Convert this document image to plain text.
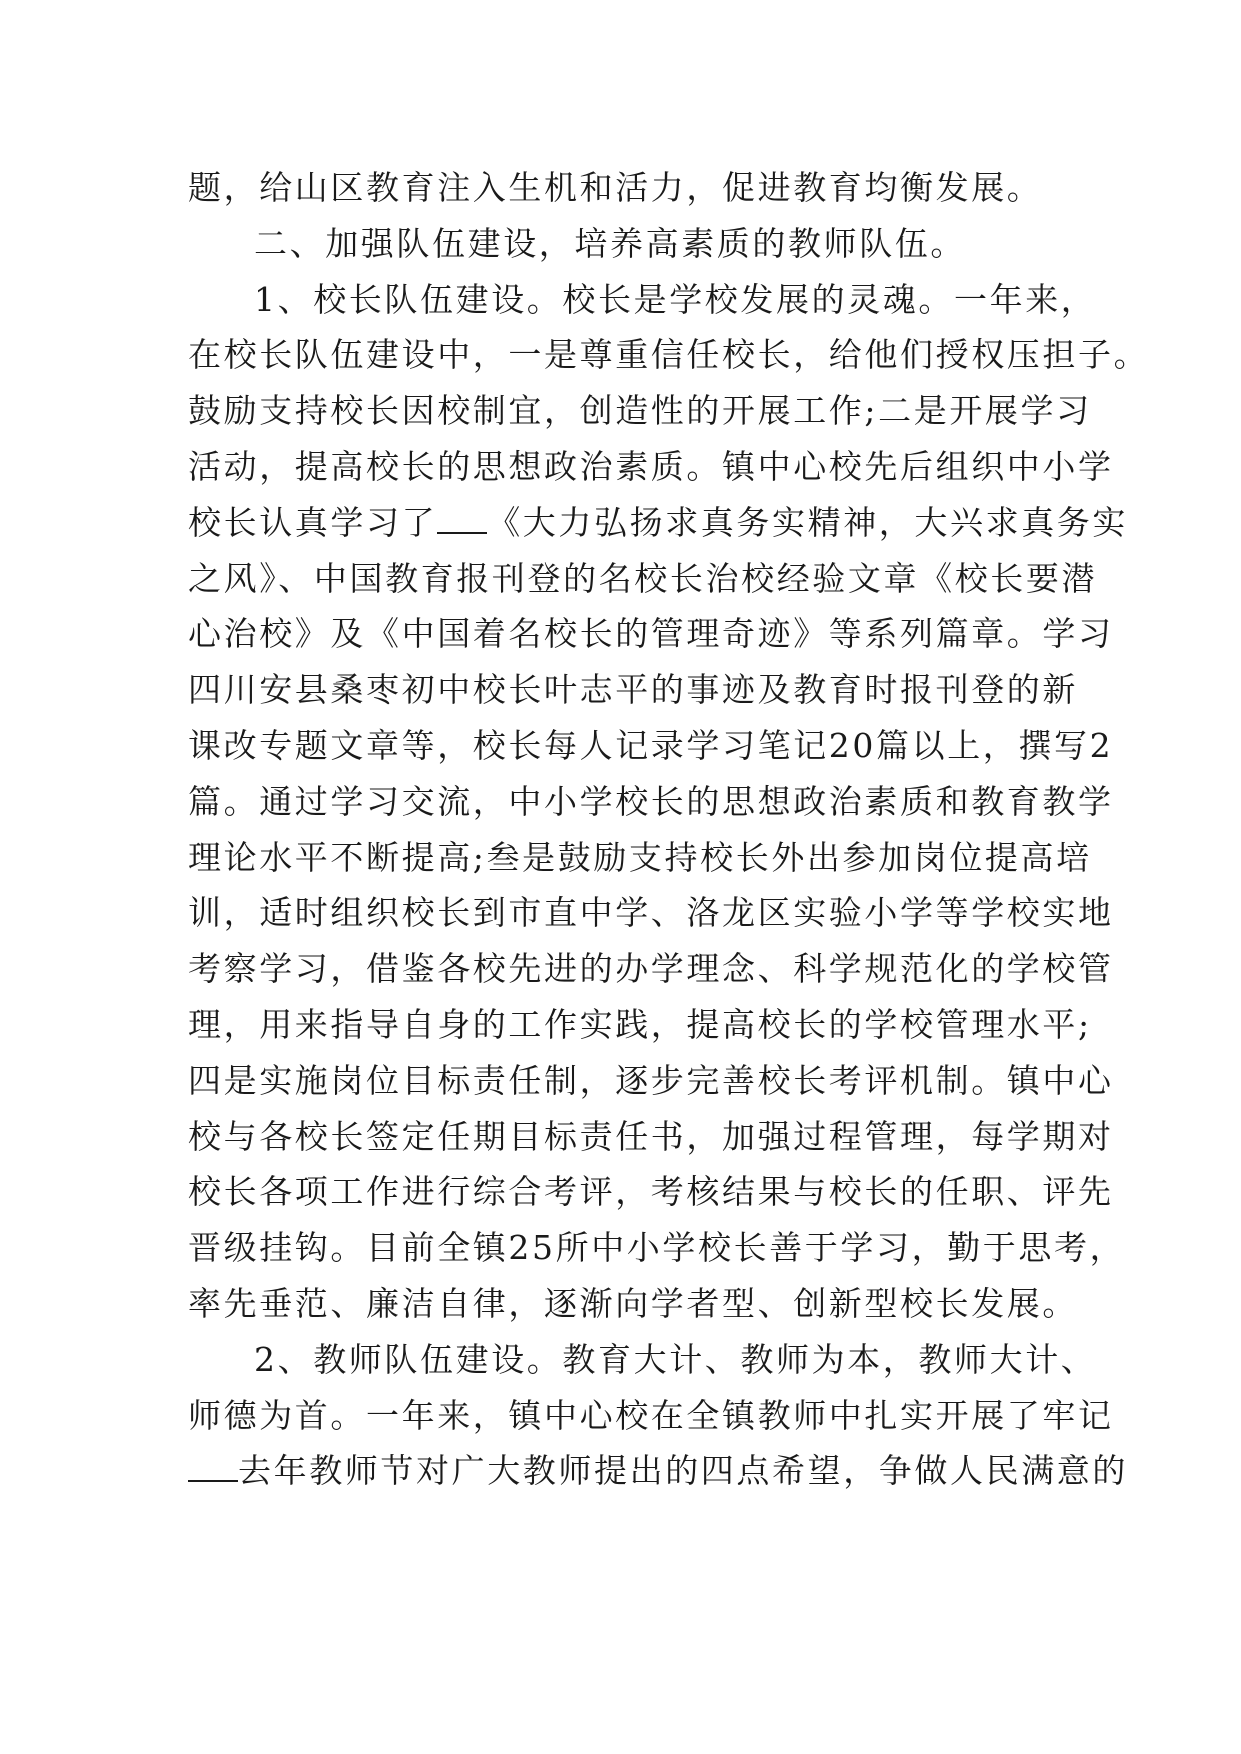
题，给山区教育注入生机和活力，促进教育均衡发展。
二、加强队伍建设，培养高素质的教师队伍。
1、校长队伍建设。校长是学校发展的灵魂。一年来，
在校长队伍建设中，一是尊重信任校长，给他们授权压担子。
鼓励支持校长因校制宜，创造性的开展工作;二是开展学习
活动，提高校长的思想政治素质。镇中心校先后组织中小学
校长认真学习了 《大力弘扬求真务实精神，大兴求真务实
之风》、中国教育报刊登的名校长治校经验文章《校长要潜
心治校》及《中国着名校长的管理奇迹》等系列篇章。学习
四川安县桑枣初中校长叶志平的事迹及教育时报刊登的新
课改专题文章等，校长每人记录学习笔记20篇以上，撰写2
篇。通过学习交流，中小学校长的思想政治素质和教育教学
理论水平不断提高;叁是鼓励支持校长外出参加岗位提高培
训，适时组织校长到市直中学、洛龙区实验小学等学校实地
考察学习，借鉴各校先进的办学理念、科学规范化的学校管
理，用来指导自身的工作实践，提高校长的学校管理水平;
四是实施岗位目标责任制，逐步完善校长考评机制。镇中心
校与各校长签定任期目标责任书，加强过程管理，每学期对
校长各项工作进行综合考评，考核结果与校长的任职、评先
晋级挂钩。目前全镇25所中小学校长善于学习，勤于思考，
率先垂范、廉洁自律，逐渐向学者型、创新型校长发展。
2、教师队伍建设。教育大计、教师为本，教师大计、
师德为首。一年来，镇中心校在全镇教师中扎实开展了牢记
去年教师节对广大教师提出的四点希望，争做人民满意的
